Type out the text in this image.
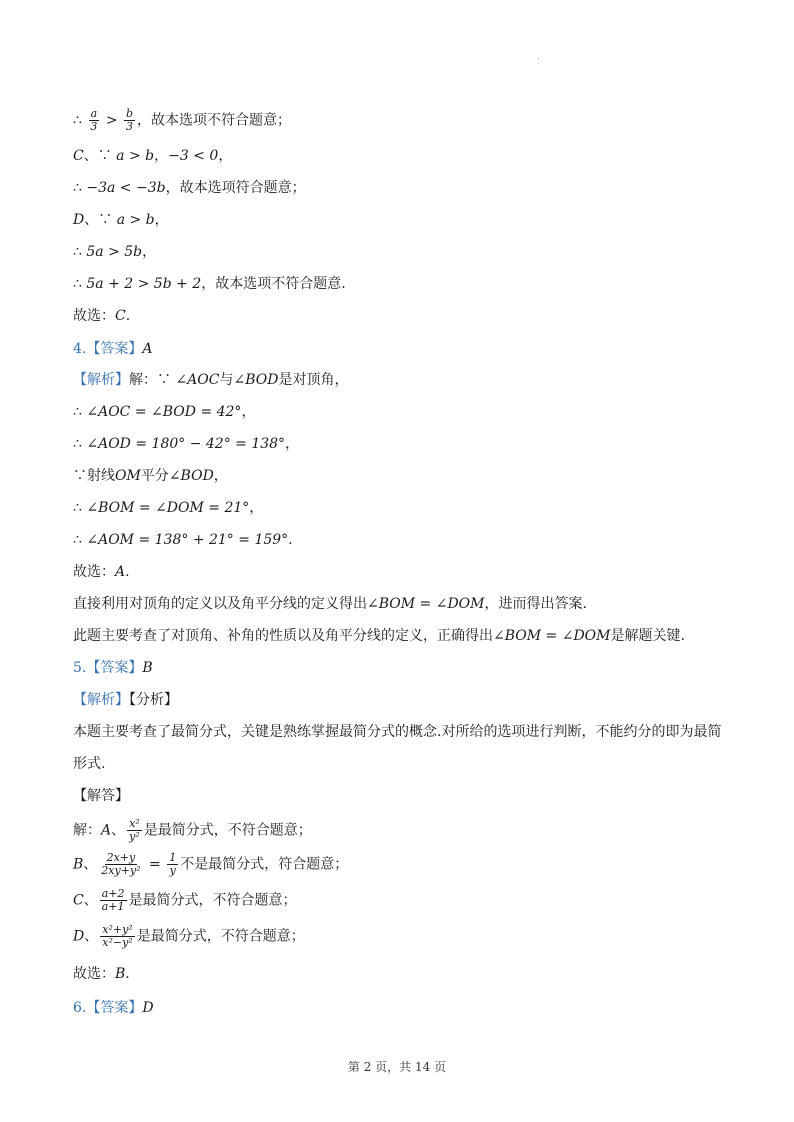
∴ $\frac{a}{3} > \frac{b}{3}$ ，故本选项不符合题意；
C、∵ a > b，−3 < 0，
∴ −3a < −3b，故本选项符合题意；
D、∵ a > b，
∴ 5a > 5b，
∴ 5a + 2 > 5b + 2，故本选项不符合题意.
故选：C.
4.【答案】A
【解析】解：∵ ∠AOC与∠BOD是对顶角，
∴ ∠AOC = ∠BOD = 42°，
∴ ∠AOD = 180° − 42° = 138°，
∵射线OM平分∠BOD，
∴ ∠BOM = ∠DOM = 21°，
∴ ∠AOM = 138° + 21° = 159°.
故选：A.
直接利用对顶角的定义以及角平分线的定义得出∠BOM = ∠DOM，进而得出答案.
此题主要考查了对顶角、补角的性质以及角平分线的定义，正确得出∠BOM = ∠DOM是解题关键.
5.【答案】B
【解析】【分析】
本题主要考查了最简分式，关键是熟练掌握最简分式的概念.对所给的选项进行判断，不能约分的即为最简
形式.
【解答】
解：A、 $\frac{\text{x²}}{\text{y²}}$ 是最简分式，不符合题意；
B、 $\frac{2x+y}{\text{2xy+y²}} = \frac{1}{y}$ 不是最简分式，符合题意；
C、 $\frac{a+2}{a+1}$ 是最简分式，不符合题意；
D、 $\frac{\text{x²+y²}}{\text{x²−y²}}$ 是最简分式，不符合题意；
故选：B.
6.【答案】D
第 2 页，共 14 页
